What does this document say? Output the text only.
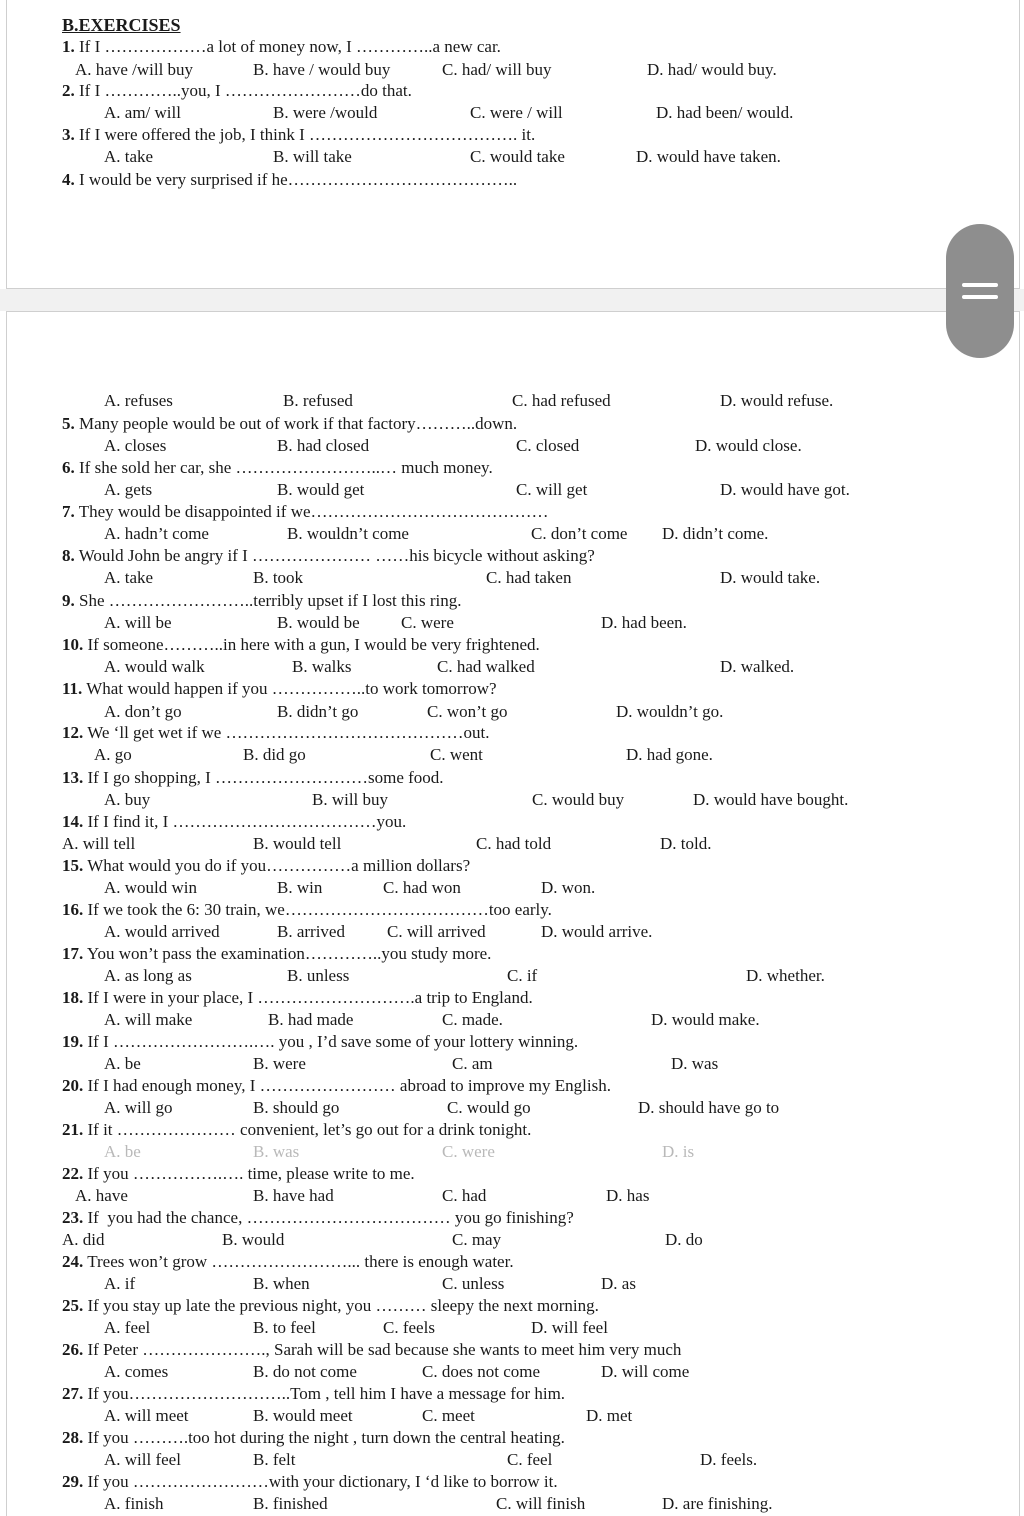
B.EXERCISES
1. If I ………………a lot of money now, I …………..a new car.
A. have /will buy	B. have / would buy	C. had/ will buy	D. had/ would buy.
2. If I …………..you, I ……………………do that.
A. am/ will	B. were /would	C. were / will	D. had been/ would.
3. If I were offered the job, I think I ………………………………. it.
A. take	B. will take	C. would take	D. would have taken.
4. I would be very surprised if he…………………………………..
A. refuses	B. refused	C. had refused	D. would refuse.
5. Many people would be out of work if that factory………..down.
A. closes	B. had closed	C. closed	D. would close.
6. If she sold her car, she ……………………..… much money.
A. gets	B. would get	C. will get	D. would have got.
7. They would be disappointed if we……………………………………
A. hadn’t come	B. wouldn’t come	C. don’t come D. didn’t come.
8. Would John be angry if I ………………… ……his bicycle without asking?
A. take	B. took	C. had taken	D. would take.
9. She ……………………..terribly upset if I lost this ring.
A. will be	B. would be C. were	D. had been.
10. If someone………..in here with a gun, I would be very frightened.
A. would walk	B. walks	C. had walked	D. walked.
11. What would happen if you ……………..to work tomorrow?
A. don’t go	B. didn’t go	C. won’t go	D. wouldn’t go.
12. We ‘ll get wet if we ……………………………………out.
A. go	B. did go	C. went	D. had gone.
13. If I go shopping, I ………………………some food.
A. buy	B. will buy	C. would buy	D. would have bought.
14. If I find it, I ………………………………you.
A. will tell	B. would tell	C. had told	D. told.
15. What would you do if you……………a million dollars?
A. would win	B. win	C. had won	D. won.
16. If we took the 6: 30 train, we………………………………too early.
A. would arrived	B. arrived C. will arrived	D. would arrive.
17. You won’t pass the examination…………..you study more.
A. as long as	B. unless	C. if	D. whether.
18. If I were in your place, I ……………………….a trip to England.
A. will make	B. had made	C. made.	D. would make.
19. If I …………………….…. you , I’d save some of your lottery winning.
A. be	B. were	C. am	D. was
20. If I had enough money, I …………………… abroad to improve my English.
A. will go	B. should go	C. would go	D. should have go to
21. If it ………………… convenient, let’s go out for a drink tonight.
A. be	B. was	C. were	D. is
22. If you …………….…. time, please write to me.
A. have	B. have had	C. had	D. has
23. If  you had the chance, ……………………………… you go finishing?
A. did	B. would	C. may	D. do
24. Trees won’t grow ……………………... there is enough water.
A. if	B. when	C. unless	D. as
25. If you stay up late the previous night, you ……… sleepy the next morning.
A. feel	B. to feel	C. feels	D. will feel
26. If Peter …………………., Sarah will be sad because she wants to meet him very much
A. comes	B. do not come	C. does not come	D. will come
27. If you………………………..Tom , tell him I have a message for him.
A. will meet	B. would meet	C. meet	D. met
28. If you ……….too hot during the night , turn down the central heating.
A. will feel	B. felt	C. feel	D. feels.
29. If you ……………………with your dictionary, I ‘d like to borrow it.
A. finish	B. finished	C. will finish	D. are finishing.
